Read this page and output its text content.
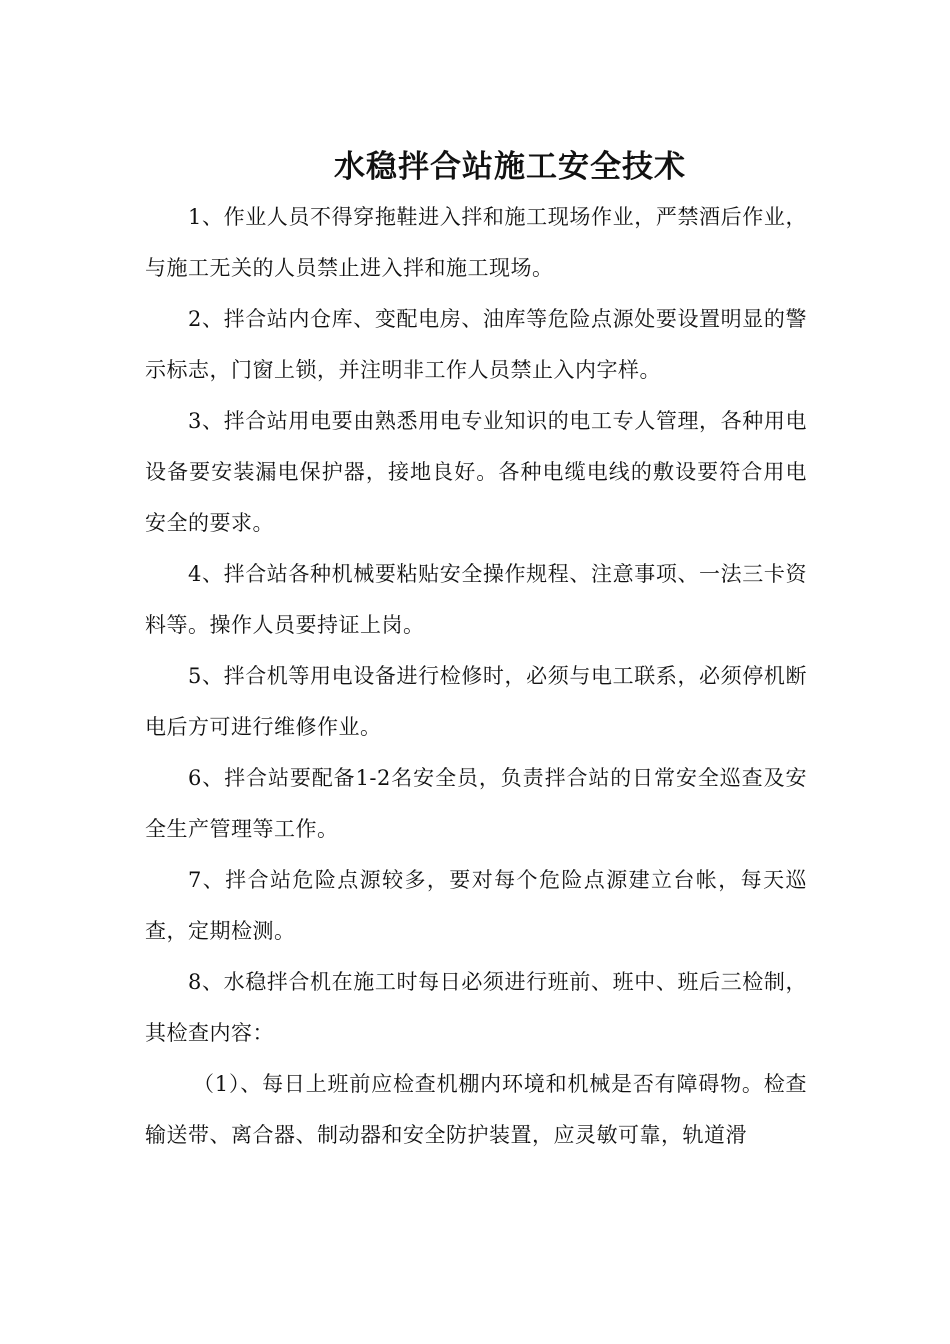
水稳拌合站施工安全技术

1、作业人员不得穿拖鞋进入拌和施工现场作业，严禁酒后作业，与施工无关的人员禁止进入拌和施工现场。

2、拌合站内仓库、变配电房、油库等危险点源处要设置明显的警示标志，门窗上锁，并注明非工作人员禁止入内字样。

3、拌合站用电要由熟悉用电专业知识的电工专人管理，各种用电设备要安装漏电保护器，接地良好。各种电缆电线的敷设要符合用电安全的要求。

4、拌合站各种机械要粘贴安全操作规程、注意事项、一法三卡资料等。操作人员要持证上岗。

5、拌合机等用电设备进行检修时，必须与电工联系，必须停机断电后方可进行维修作业。

6、拌合站要配备1-2名安全员，负责拌合站的日常安全巡查及安全生产管理等工作。

7、拌合站危险点源较多，要对每个危险点源建立台帐，每天巡查，定期检测。

8、水稳拌合机在施工时每日必须进行班前、班中、班后三检制，其检查内容：

（1）、每日上班前应检查机棚内环境和机械是否有障碍物。检查输送带、离合器、制动器和安全防护装置，应灵敏可靠，轨道滑
